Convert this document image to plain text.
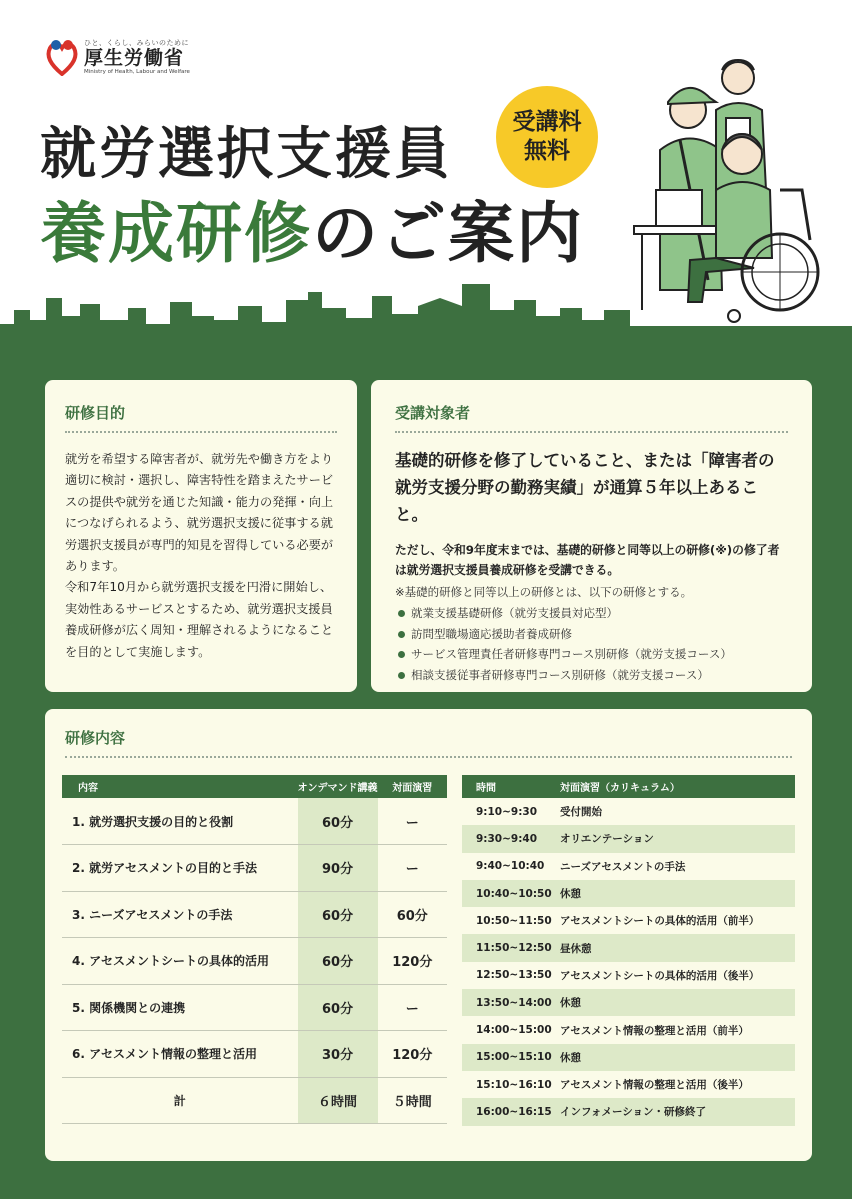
ひと、くらし、みらいのために
厚生労働省
Ministry of Health, Labour and Welfare
就労選択支援員
養成研修のご案内
受講料
無料
研修目的

就労を希望する障害者が、就労先や働き方をより適切に検討・選択し、障害特性を踏まえたサービスの提供や就労を通じた知識・能力の発揮・向上につなげられるよう、就労選択支援に従事する就労選択支援員が専門的知見を習得している必要があります。

令和7年10月から就労選択支援を円滑に開始し、実効性あるサービスとするため、就労選択支援員養成研修が広く周知・理解されるようになることを目的として実施します。

受講対象者
基礎的研修を修了していること、または「障害者の就労支援分野の勤務実績」が通算５年以上あること。
ただし、令和9年度末までは、基礎的研修と同等以上の研修(※)の修了者は就労選択支援員養成研修を受講できる。
※基礎的研修と同等以上の研修とは、以下の研修とする。
就業支援基礎研修（就労支援員対応型）
訪問型職場適応援助者養成研修
サービス管理責任者研修専門コース別研修（就労支援コース）
相談支援従事者研修専門コース別研修（就労支援コース）
研修内容
内容	オンデマンド講義	対面演習
1. 就労選択支援の目的と役割	60分	ー
2. 就労アセスメントの目的と手法	90分	ー
3. ニーズアセスメントの手法	60分	60分
4. アセスメントシートの具体的活用	60分	120分
5. 関係機関との連携	60分	ー
6. アセスメント情報の整理と活用	30分	120分
計	６時間	５時間
時間	対面演習（カリキュラム）
9:10~9:30	受付開始
9:30~9:40	オリエンテーション
9:40~10:40	ニーズアセスメントの手法
10:40~10:50	休憩
10:50~11:50	アセスメントシートの具体的活用（前半）
11:50~12:50	昼休憩
12:50~13:50	アセスメントシートの具体的活用（後半）
13:50~14:00	休憩
14:00~15:00	アセスメント情報の整理と活用（前半）
15:00~15:10	休憩
15:10~16:10	アセスメント情報の整理と活用（後半）
16:00~16:15	インフォメーション・研修終了
